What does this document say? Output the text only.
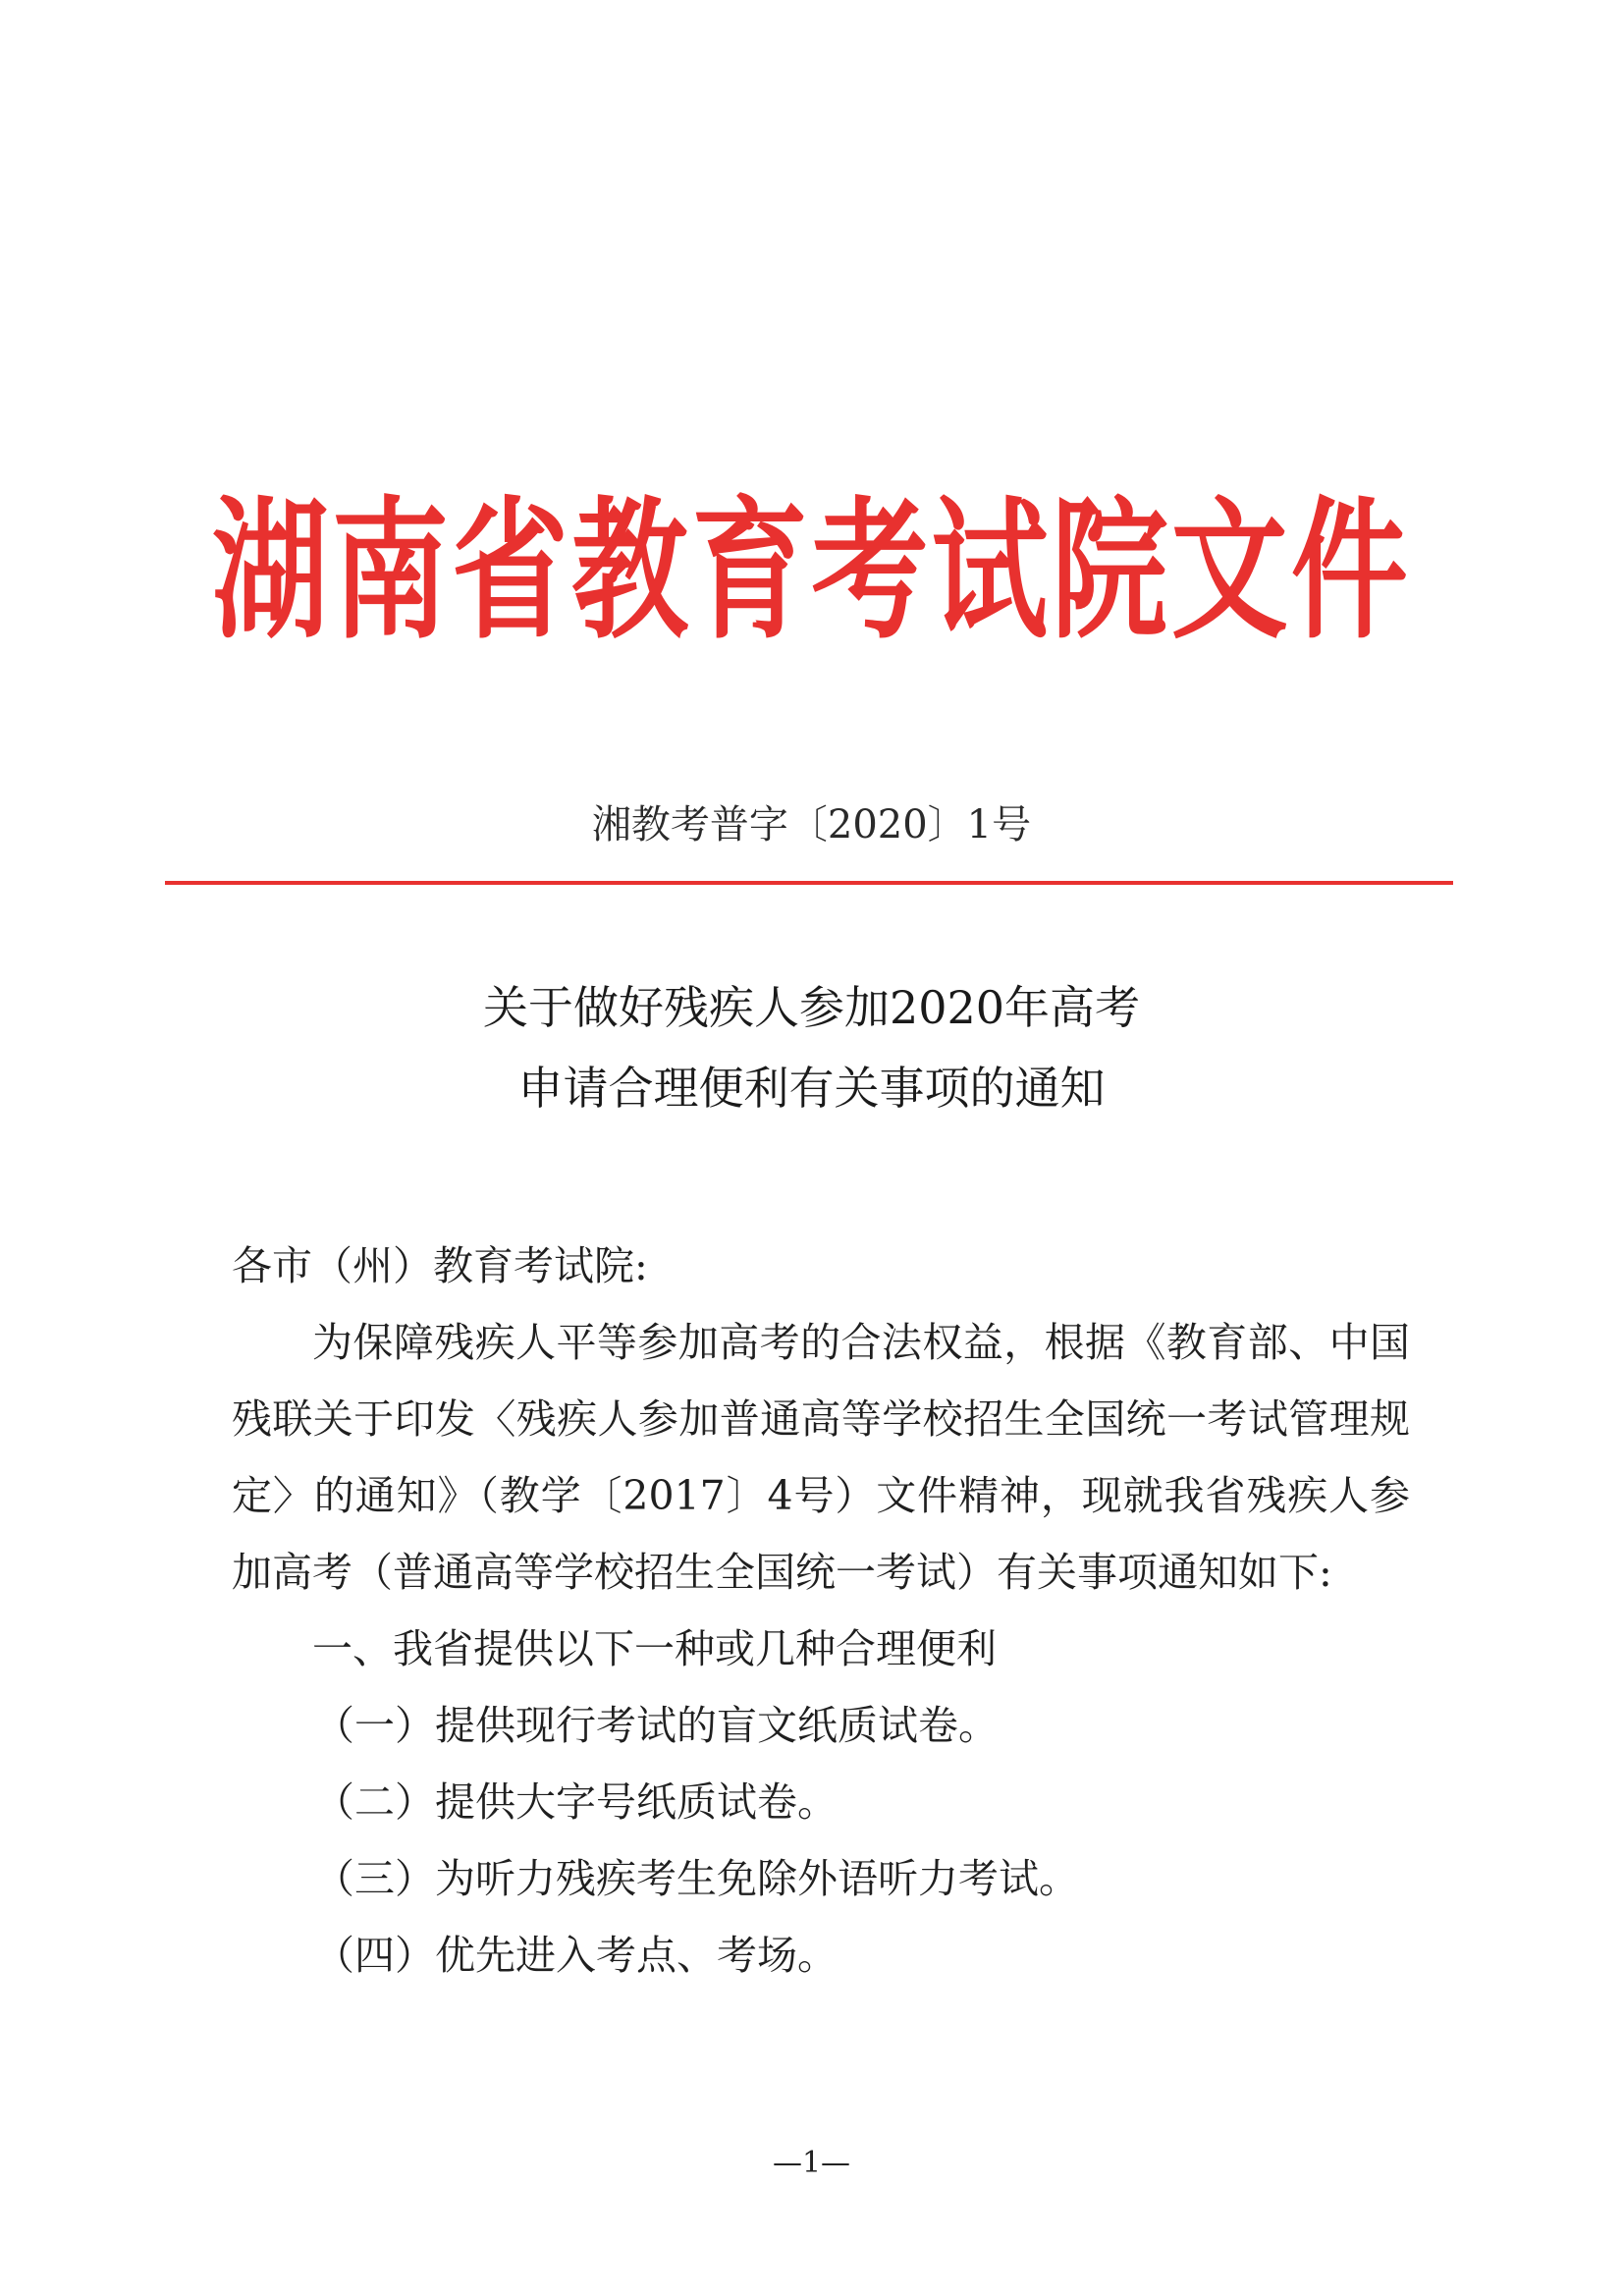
湖南省教育考试院文件
湘教考普字〔2020〕1号
关于做好残疾人参加2020年高考
申请合理便利有关事项的通知

各市（州）教育考试院:

为保障残疾人平等参加高考的合法权益，根据《教育部、中国残联关于印发〈残疾人参加普通高等学校招生全国统一考试管理规定〉的通知》（教学〔2017〕4号）文件精神，现就我省残疾人参加高考（普通高等学校招生全国统一考试）有关事项通知如下:

一、我省提供以下一种或几种合理便利

（一）提供现行考试的盲文纸质试卷。

（二）提供大字号纸质试卷。

（三）为听力残疾考生免除外语听力考试。

（四）优先进入考点、考场。

—1—
